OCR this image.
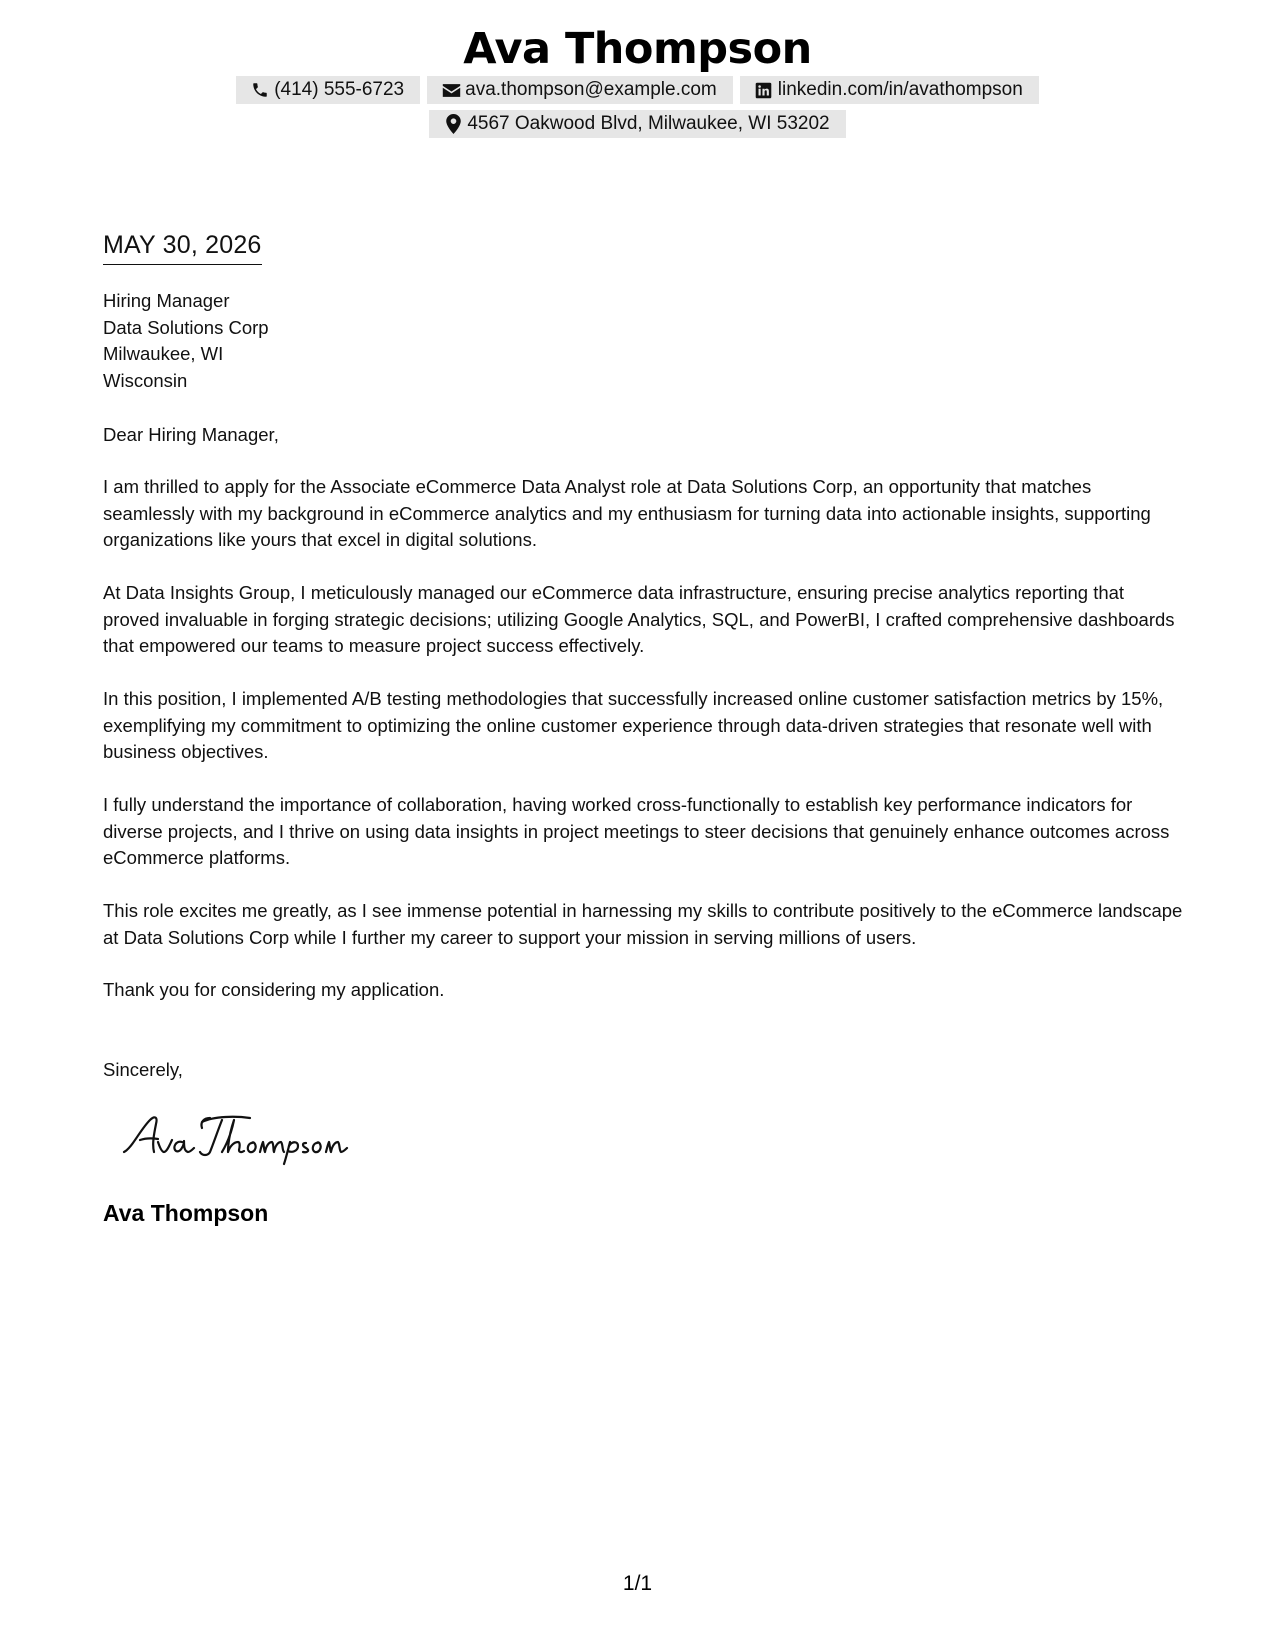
Ava Thompson
(414) 555-6723	ava.thompson@example.com	linkedin.com/in/avathompson
4567 Oakwood Blvd, Milwaukee, WI 53202
MAY 30, 2026
Hiring Manager
Data Solutions Corp
Milwaukee, WI
Wisconsin

Dear Hiring Manager,

I am thrilled to apply for the Associate eCommerce Data Analyst role at Data Solutions Corp, an opportunity that matches seamlessly with my background in eCommerce analytics and my enthusiasm for turning data into actionable insights, supporting organizations like yours that excel in digital solutions.

At Data Insights Group, I meticulously managed our eCommerce data infrastructure, ensuring precise analytics reporting that proved invaluable in forging strategic decisions; utilizing Google Analytics, SQL, and PowerBI, I crafted comprehensive dashboards that empowered our teams to measure project success effectively.

In this position, I implemented A/B testing methodologies that successfully increased online customer satisfaction metrics by 15%, exemplifying my commitment to optimizing the online customer experience through data-driven strategies that resonate well with business objectives.

I fully understand the importance of collaboration, having worked cross-functionally to establish key performance indicators for diverse projects, and I thrive on using data insights in project meetings to steer decisions that genuinely enhance outcomes across eCommerce platforms.

This role excites me greatly, as I see immense potential in harnessing my skills to contribute positively to the eCommerce landscape at Data Solutions Corp while I further my career to support your mission in serving millions of users.

Thank you for considering my application.

Sincerely,

Ava Thompson
1/1
